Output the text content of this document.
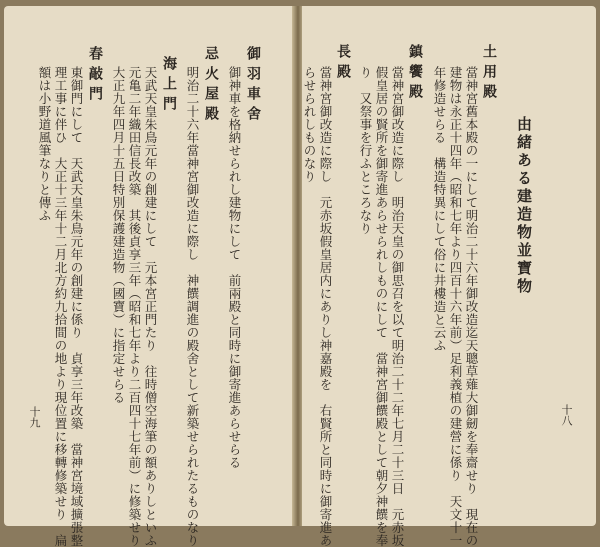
御羽車舍
御神車を格納せられし建物にして　前兩殿と同時に御寄進あらせらる
忌火屋殿
明治二十六年當神宮御改造に際し　神饌調進の殿舍として新築せられたるものなり
海上門
天武天皇朱鳥元年の創建にして　元本宮正門たり　往時僧空海筆の額ありしといふ
元亀二年織田信長改築　其後貞享三年（昭和七年より二百四十七年前）に修築せり
大正九年四月十五日特別保護建造物（國寶）に指定せらる
春敲門
東御門にして　天武天皇朱鳥元年の創建に係り　貞享三年改築　當神宮境域擴張整
理工事に伴ひ　大正十三年十二月北方約九拾間の地より現位置に移轉修築せり　扁
額は小野道風筆なりと傳ふ
十九	十八
由緒ある建造物並寶物
土用殿
當神宮舊本殿の一にして明治二十六年御改造迄天聰草薙大御劒を奉齋せり　現在の
建物は永正十四年（昭和七年より四百十六年前）足利義植の建營に係り　天文十一
年修造せらる　構造特異にして俗に井樓造と云ふ
鎮饗殿
當神宮御改造に際し　明治天皇の御思召を以て明治二十二年七月二十三日　元赤坂
假皇居の賢所を御寄進あらせられしものにして　當神宮御饌殿として朝夕神饌を奉
り　又祭事を行ふところなり
長殿
當神宮御改造に際し　元赤坂假皇居内にありし神嘉殿を　右賢所と同時に御寄進あ
らせられしものなり
